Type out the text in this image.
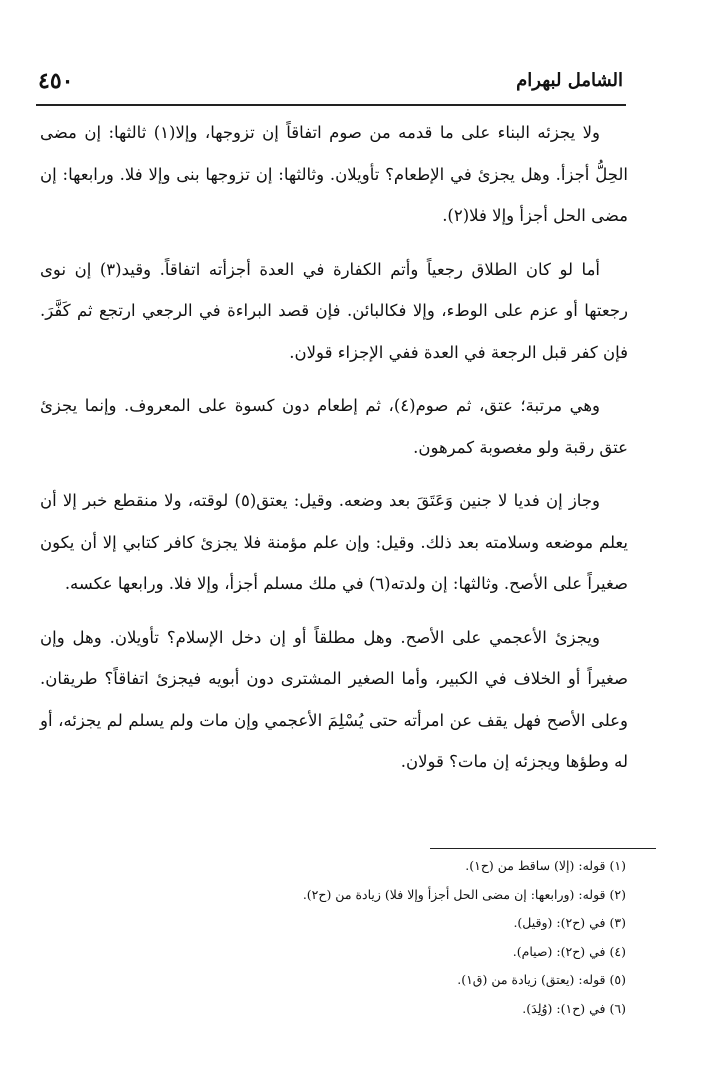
٤٥٠	الشامل لبهرام

ولا يجزئه البناء على ما قدمه من صوم اتفاقاً إن تزوجها، وإلا(١) ثالثها: إن مضى الحِلُّ أجزأ. وهل يجزئ في الإطعام؟ تأويلان. وثالثها: إن تزوجها بنى وإلا فلا. ورابعها: إن مضى الحل أجزأ وإلا فلا(٢).

أما لو كان الطلاق رجعياً وأتم الكفارة في العدة أجزأته اتفاقاً. وقيد(٣) إن نوى رجعتها أو عزم على الوطء، وإلا فكالبائن. فإن قصد البراءة في الرجعي ارتجع ثم كَفَّرَ. فإن كفر قبل الرجعة في العدة ففي الإجزاء قولان.

وهي مرتبة؛ عتق، ثم صوم(٤)، ثم إطعام دون كسوة على المعروف. وإنما يجزئ عتق رقبة ولو مغصوبة كمرهون.

وجاز إن فديا لا جنين وَعَتَقَ بعد وضعه. وقيل: يعتق(٥) لوقته، ولا منقطع خبر إلا أن يعلم موضعه وسلامته بعد ذلك. وقيل: وإن علم مؤمنة فلا يجزئ كافر كتابي إلا أن يكون صغيراً على الأصح. وثالثها: إن ولدته(٦) في ملك مسلم أجزأ، وإلا فلا. ورابعها عكسه.

ويجزئ الأعجمي على الأصح. وهل مطلقاً أو إن دخل الإسلام؟ تأويلان. وهل وإن صغيراً أو الخلاف في الكبير، وأما الصغير المشترى دون أبويه فيجزئ اتفاقاً؟ طريقان. وعلى الأصح فهل يقف عن امرأته حتى يُسْلِمَ الأعجمي وإن مات ولم يسلم لم يجزئه، أو له وطؤها ويجزئه إن مات؟ قولان.

(١) قوله: (إلا) ساقط من (ح١).

(٢) قوله: (ورابعها: إن مضى الحل أجزأ وإلا فلا) زيادة من (ح٢).

(٣) في (ح٢): (وقيل).

(٤) في (ح٢): (صيام).

(٥) قوله: (يعتق) زيادة من (ق١).

(٦) في (ح١): (وُلِدَ).
